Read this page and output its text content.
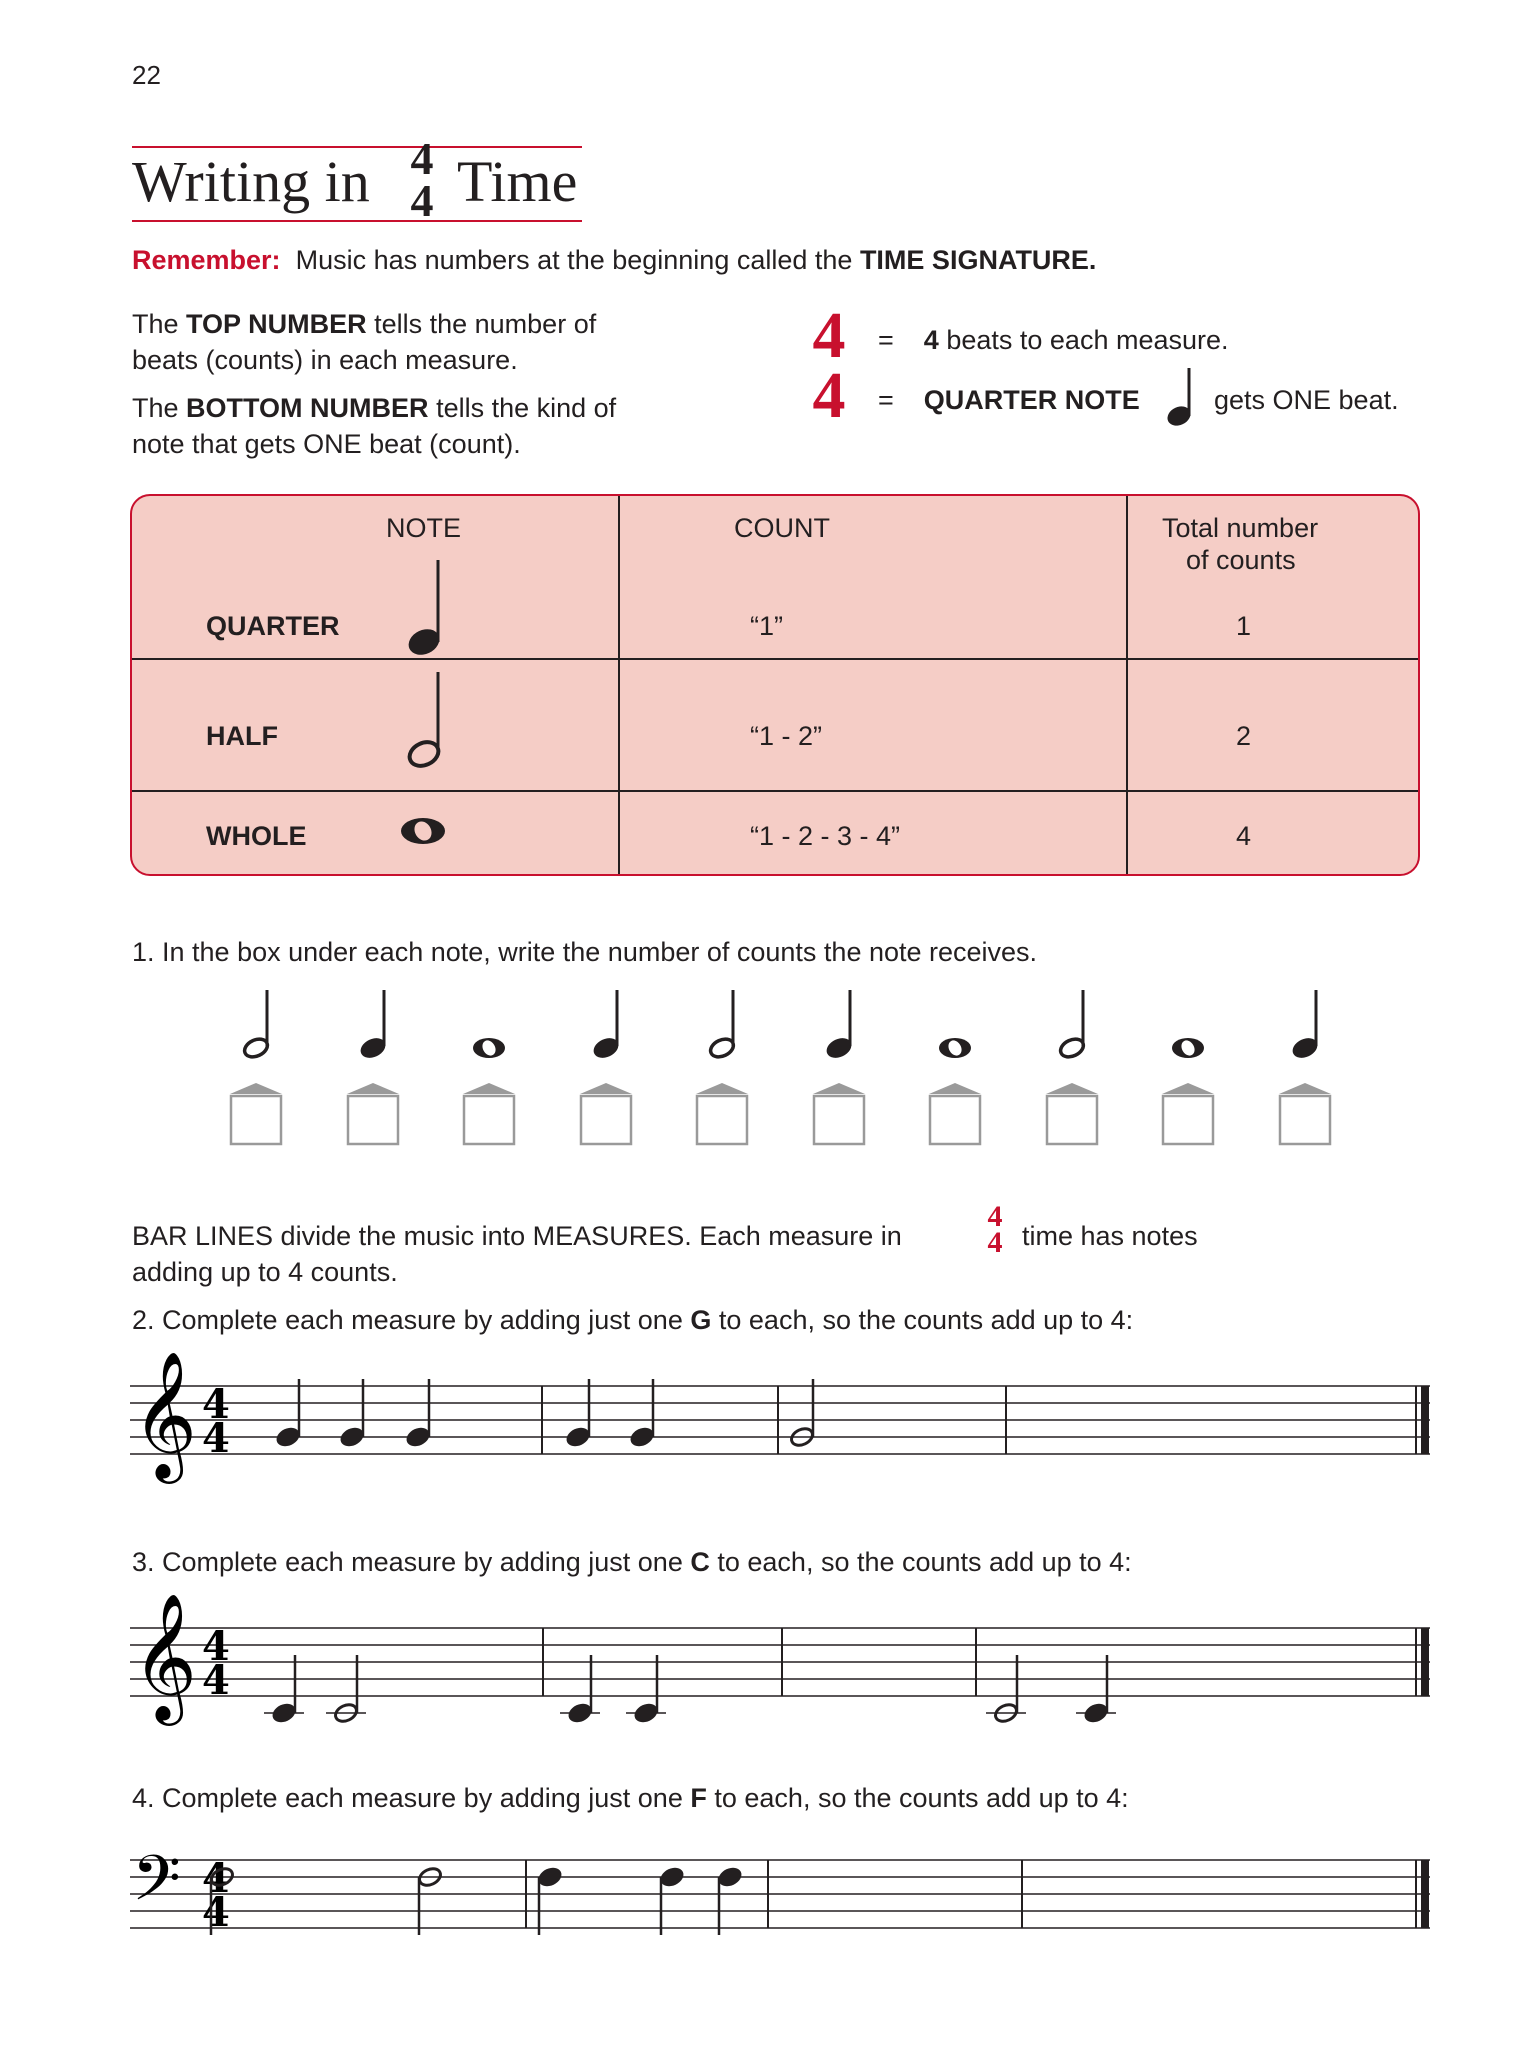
22
Writing in 4
4 Time
Remember: Music has numbers at the beginning called the TIME SIGNATURE.
The TOP NUMBER tells the number of
beats (counts) in each measure.
The BOTTOM NUMBER tells the kind of
note that gets ONE beat (count).
4
4
= 4 beats to each measure.
= QUARTER NOTE	gets ONE beat.
NOTE	COUNT	Total number
of counts
QUARTER	“1”	1
HALF	“1 - 2”	2
WHOLE	“1 - 2 - 3 - 4”	4
1. In the box under each note, write the number of counts the note receives.
BAR LINES divide the music into MEASURES. Each measure in
4
4 time has notes
adding up to 4 counts.
2. Complete each measure by adding just one G to each, so the counts add up to 4:
𝄞 4
4
3. Complete each measure by adding just one C to each, so the counts add up to 4:
𝄞 4
4
4. Complete each measure by adding just one F to each, so the counts add up to 4:
𝄢 4
4
